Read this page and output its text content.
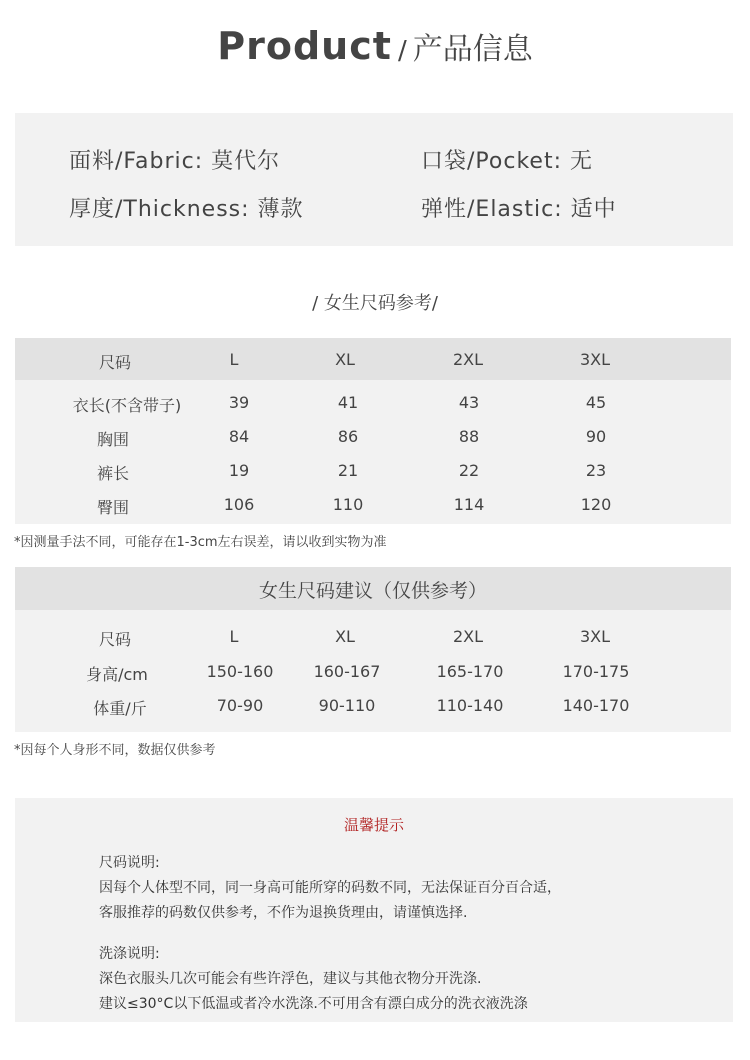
Product / 产品信息
面料/Fabric: 莫代尔	口袋/Pocket: 无
厚度/Thickness: 薄款	弹性/Elastic: 适中
/ 女生尺码参考/
尺码	L	XL	2XL	3XL
衣长(不含带子)	39	41	43	45
胸围	84	86	88	90
裤长	19	21	22	23
臀围	106	110	114	120
*因测量手法不同，可能存在1-3cm左右误差，请以收到实物为准
女生尺码建议（仅供参考）
尺码	L	XL	2XL	3XL
身高/cm	150-160	160-167	165-170	170-175
体重/斤	70-90	90-110	110-140	140-170
*因每个人身形不同，数据仅供参考
温馨提示
尺码说明:
因每个人体型不同，同一身高可能所穿的码数不同，无法保证百分百合适，
客服推荐的码数仅供参考，不作为退换货理由，请谨慎选择.
洗涤说明:
深色衣服头几次可能会有些许浮色，建议与其他衣物分开洗涤.
建议≤30°C以下低温或者冷水洗涤.不可用含有漂白成分的洗衣液洗涤
